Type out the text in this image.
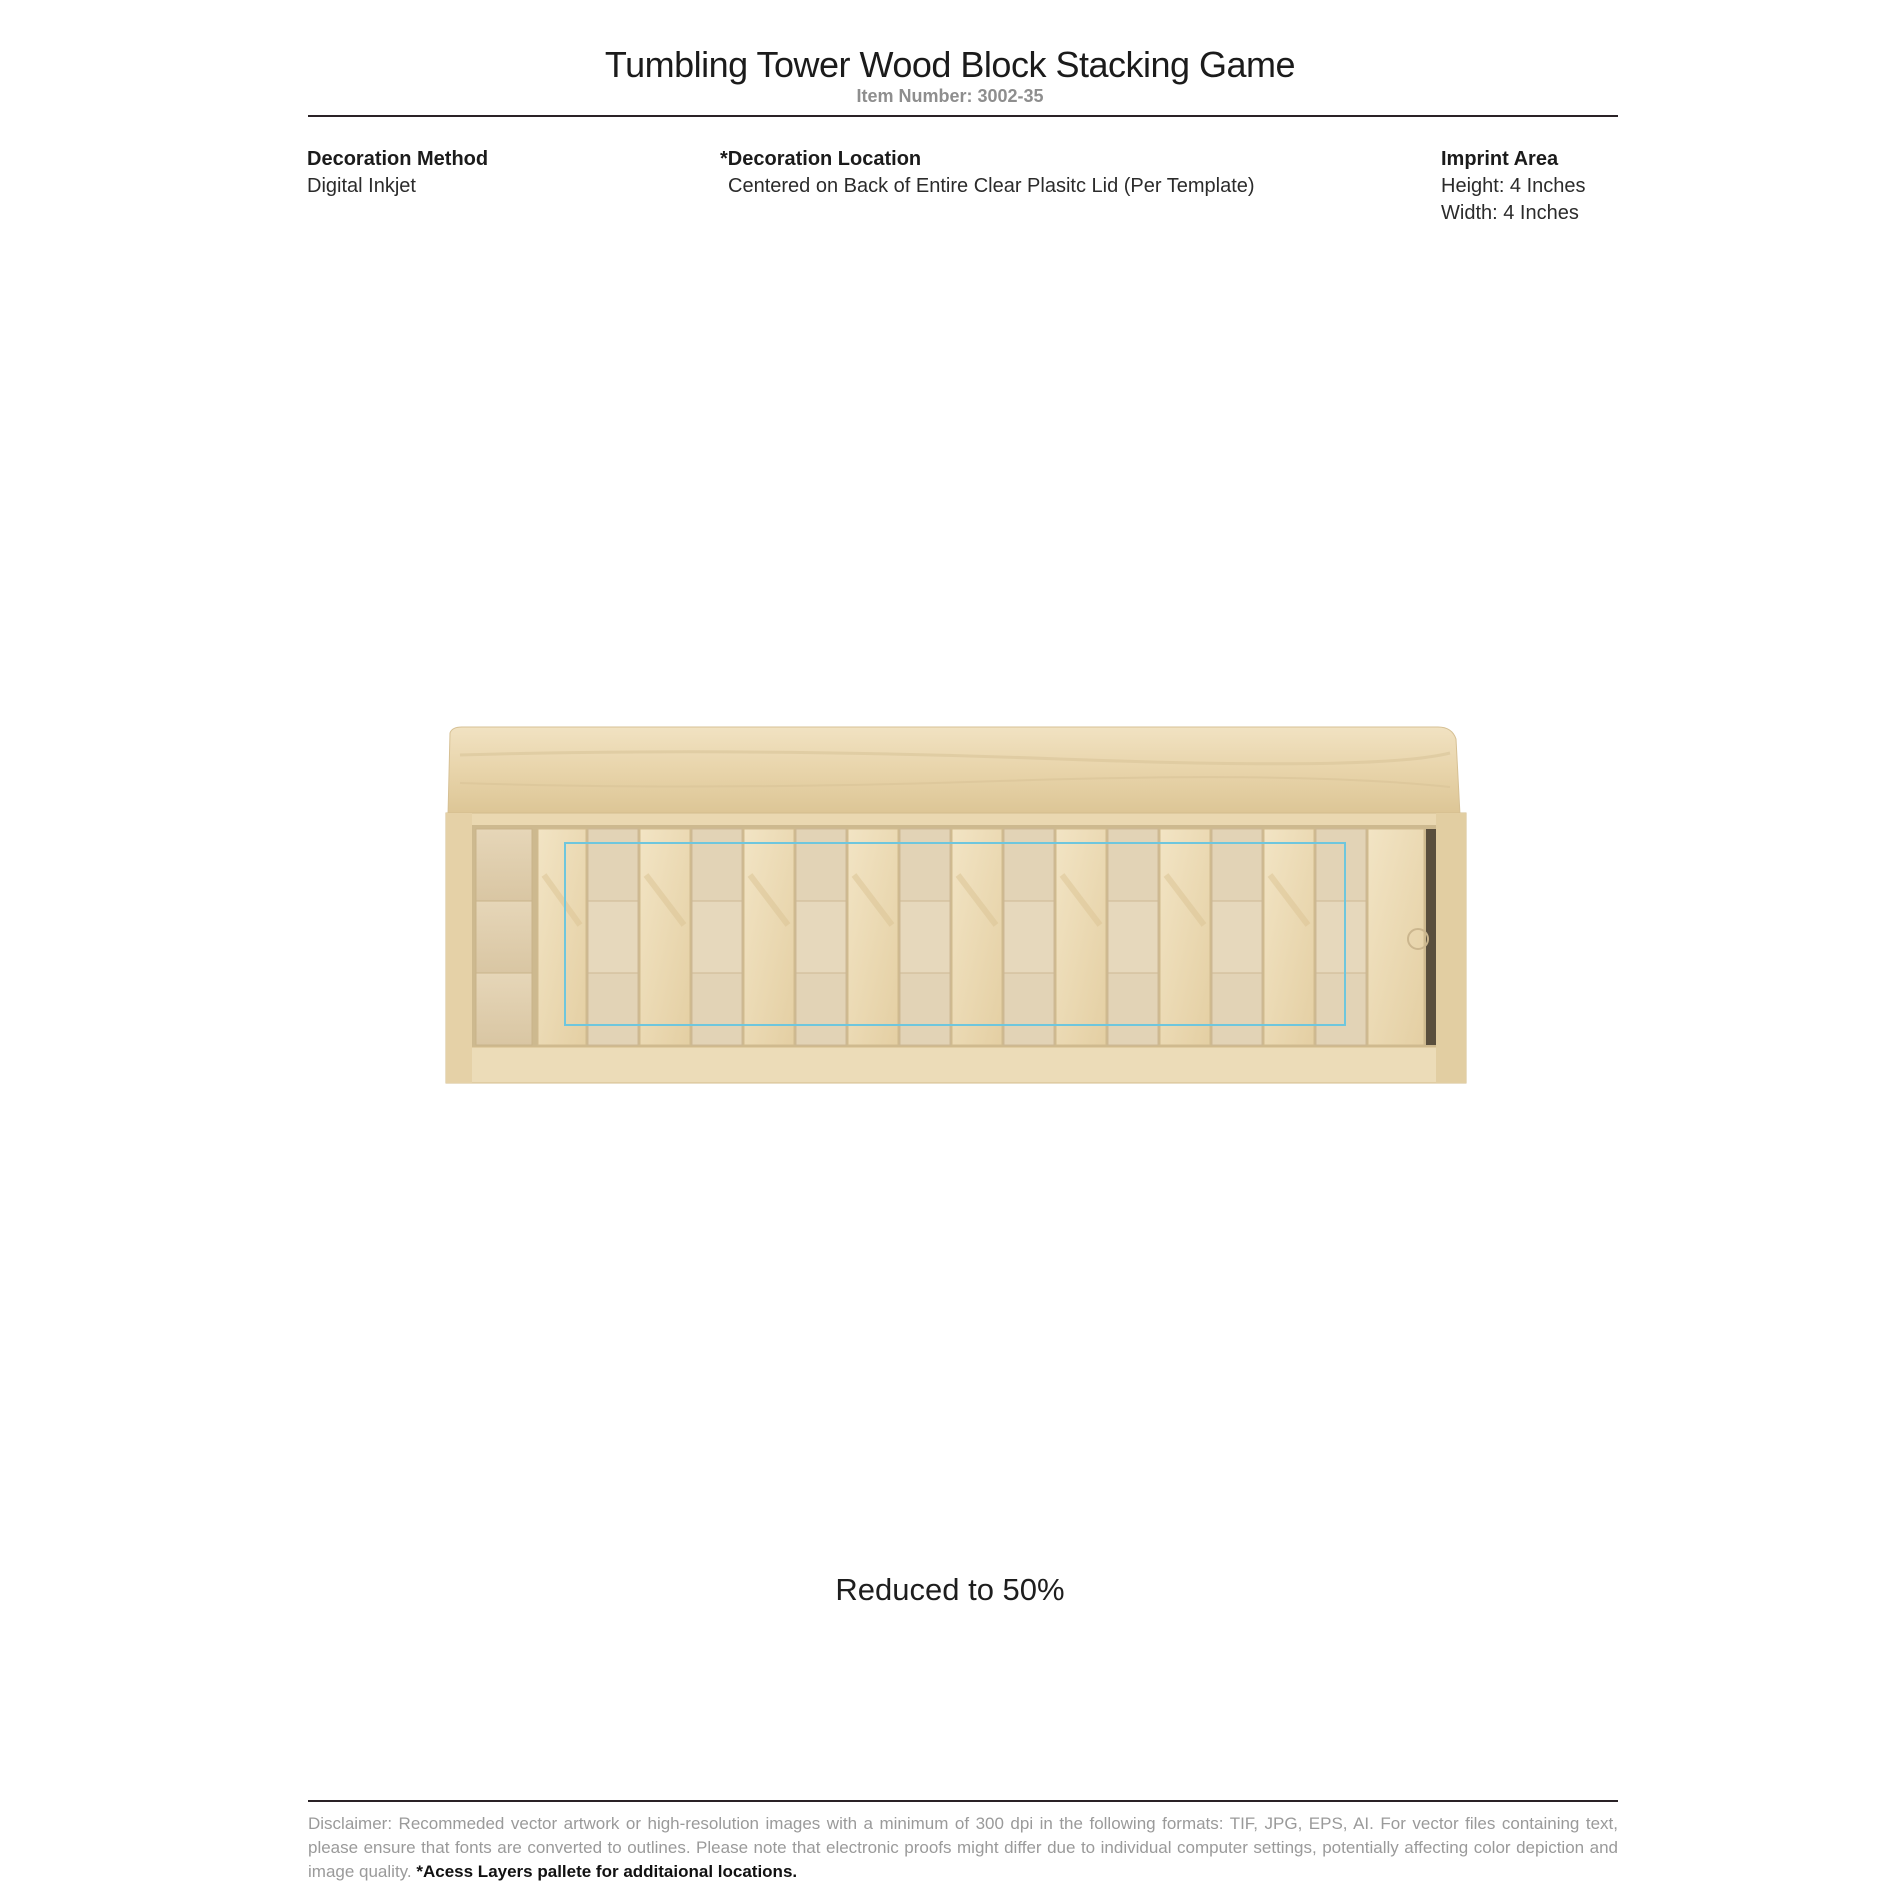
Tumbling Tower Wood Block Stacking Game
Item Number: 3002-35
Decoration Method
Digital Inkjet
*Decoration Location
Centered on Back of Entire Clear Plasitc Lid (Per Template)
Imprint Area
Height: 4 Inches
Width: 4 Inches
Reduced to 50%
Disclaimer: Recommeded vector artwork or high-resolution images with a minimum of 300 dpi in the following formats: TIF, JPG, EPS, AI. For vector files containing text, please ensure that fonts are converted to outlines. Please note that electronic proofs might differ due to individual computer settings, potentially affecting color depiction and image quality. *Acess Layers pallete for additaional locations.
